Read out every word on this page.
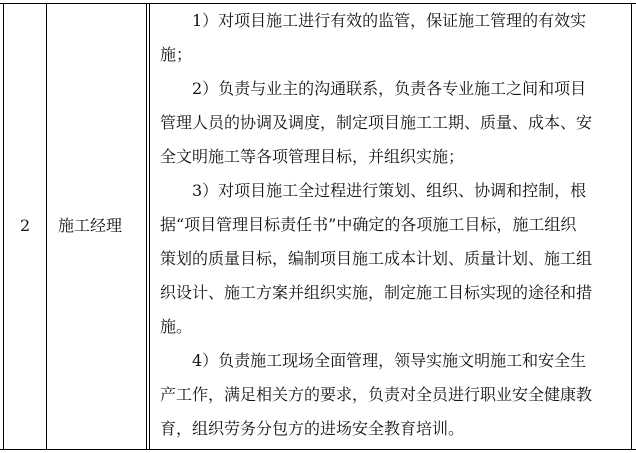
2 施工经理
1）对项目施工进行有效的监管，保证施工管理的有效实
施；
2）负责与业主的沟通联系，负责各专业施工之间和项目
管理人员的协调及调度，制定项目施工工期、质量、成本、安
全文明施工等各项管理目标，并组织实施；
3）对项目施工全过程进行策划、组织、协调和控制，根
据“项目管理目标责任书”中确定的各项施工目标，施工组织
策划的质量目标，编制项目施工成本计划、质量计划、施工组
织设计、施工方案并组织实施，制定施工目标实现的途径和措
施。
4）负责施工现场全面管理，领导实施文明施工和安全生
产工作，满足相关方的要求，负责对全员进行职业安全健康教
育，组织劳务分包方的进场安全教育培训。
